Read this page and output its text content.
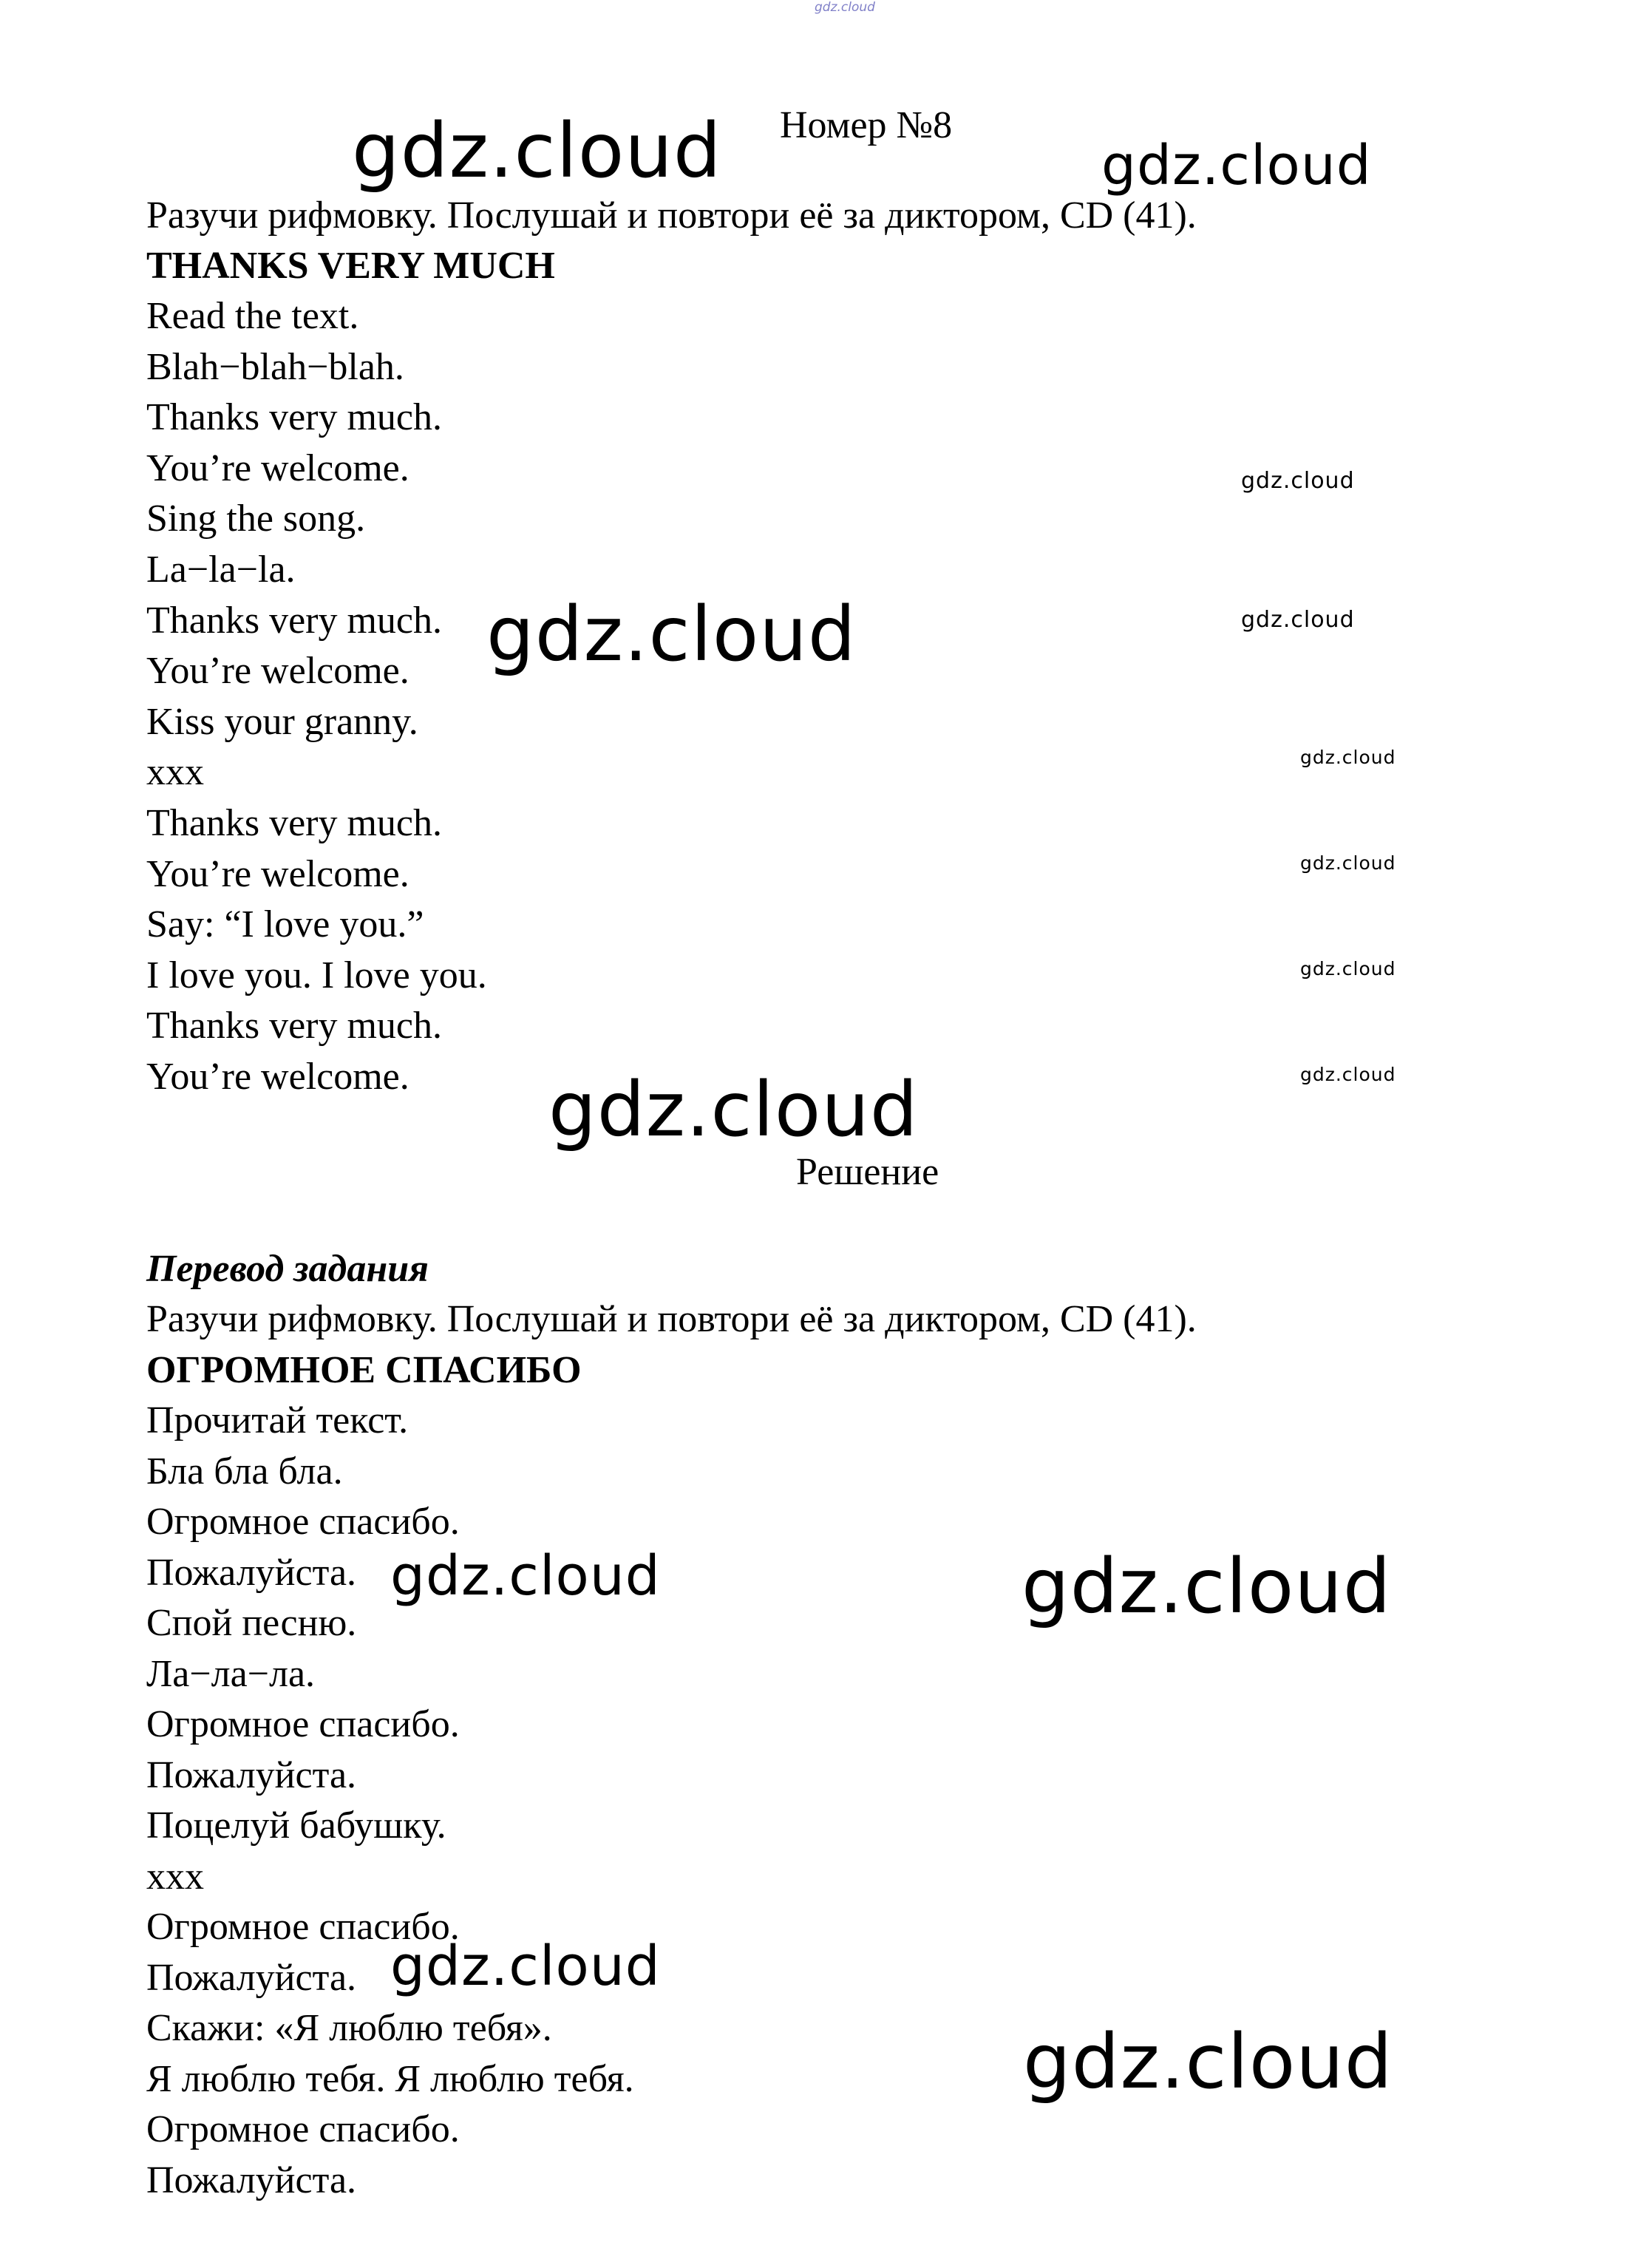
gdz.cloud
Номер №8
Разучи рифмовку. Послушай и повтори её за диктором, CD (41).
THANKS VERY MUCH
Read the text.
Blah−blah−blah.
Thanks very much.
You’re welcome.
Sing the song.
La−la−la.
Thanks very much.
You’re welcome.
Kiss your granny.
xxx
Thanks very much.
You’re welcome.
Say: “I love you.”
I love you. I love you.
Thanks very much.
You’re welcome.
Решение
Перевод задания
Разучи рифмовку. Послушай и повтори её за диктором, CD (41).
ОГРОМНОЕ СПАСИБО
Прочитай текст.
Бла бла бла.
Огромное спасибо.
Пожалуйста.
Спой песню.
Ла−ла−ла.
Огромное спасибо.
Пожалуйста.
Поцелуй бабушку.
xxx
Огромное спасибо.
Пожалуйста.
Скажи: «Я люблю тебя».
Я люблю тебя. Я люблю тебя.
Огромное спасибо.
Пожалуйста.
gdz.cloud	gdz.cloud
gdz.cloud
gdz.cloud	gdz.cloud
gdz.cloud
gdz.cloud
gdz.cloud
gdz.cloud
gdz.cloud
gdz.cloud	gdz.cloud
gdz.cloud
gdz.cloud
